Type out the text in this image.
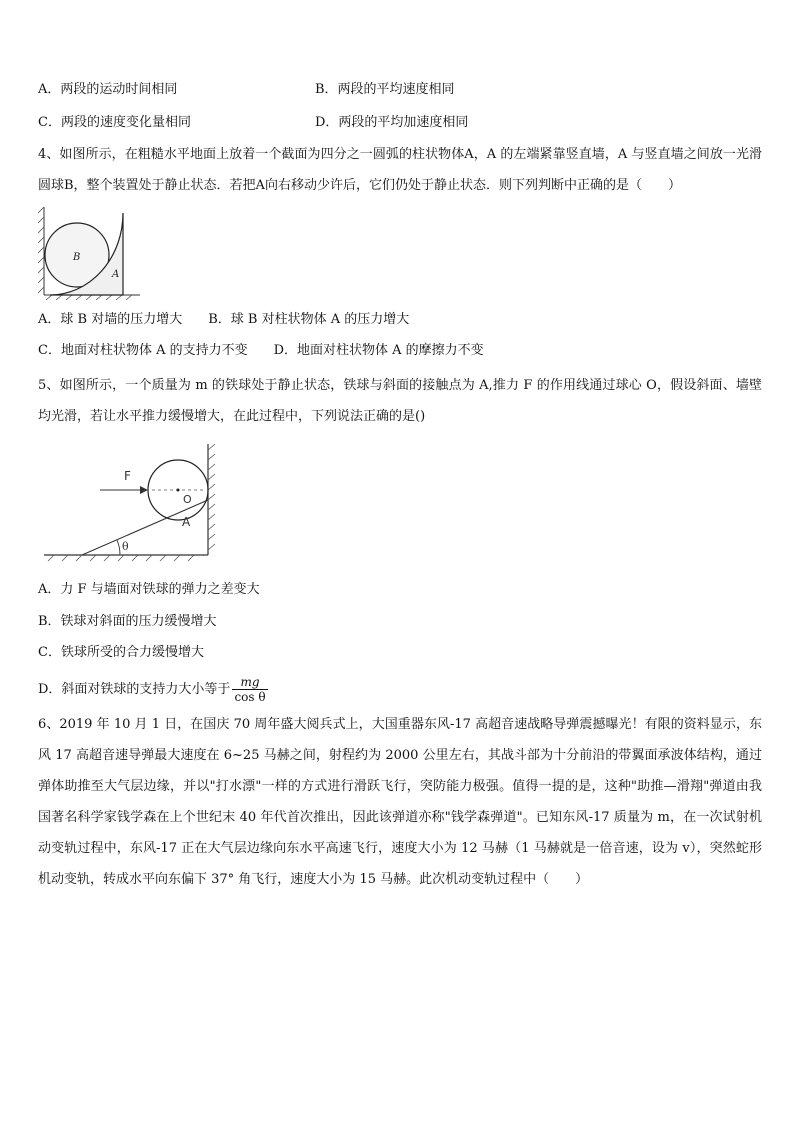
A．两段的运动时间相同	B．两段的平均速度相同
C．两段的速度变化量相同	D．两段的平均加速度相同
4、如图所示，在粗糙水平地面上放着一个截面为四分之一圆弧的柱状物体A，A 的左端紧靠竖直墙，A 与竖直墙之间放一光滑圆球B，整个装置处于静止状态．若把A向右移动少许后，它们仍处于静止状态．则下列判断中正确的是（　　）
B
A
A．球 B 对墙的压力增大　　B．球 B 对柱状物体 A 的压力增大
C．地面对柱状物体 A 的支持力不变　　D．地面对柱状物体 A 的摩擦力不变
5、如图所示，一个质量为 m 的铁球处于静止状态，铁球与斜面的接触点为 A,推力 F 的作用线通过球心 O，假设斜面、墙壁均光滑，若让水平推力缓慢增大，在此过程中，下列说法正确的是()
F
O
A
θ
A．力 F 与墙面对铁球的弹力之差变大
B．铁球对斜面的压力缓慢增大
C．铁球所受的合力缓慢增大
D．斜面对铁球的支持力大小等于 $\frac{mg}{\text{cos θ}}$
6、2019 年 10 月 1 日，在国庆 70 周年盛大阅兵式上，大国重器东风-17 高超音速战略导弹震撼曝光！有限的资料显示，东风 17 高超音速导弹最大速度在 6~25 马赫之间，射程约为 2000 公里左右，其战斗部为十分前沿的带翼面承波体结构，通过弹体助推至大气层边缘，并以"打水漂"一样的方式进行滑跃飞行，突防能力极强。值得一提的是，这种"助推—滑翔"弹道由我国著名科学家钱学森在上个世纪末 40 年代首次推出，因此该弹道亦称"钱学森弹道"。已知东风-17 质量为 m，在一次试射机动变轨过程中，东风-17 正在大气层边缘向东水平高速飞行，速度大小为 12 马赫（1 马赫就是一倍音速，设为 v），突然蛇形机动变轨，转成水平向东偏下 37° 角飞行，速度大小为 15 马赫。此次机动变轨过程中（　　）
